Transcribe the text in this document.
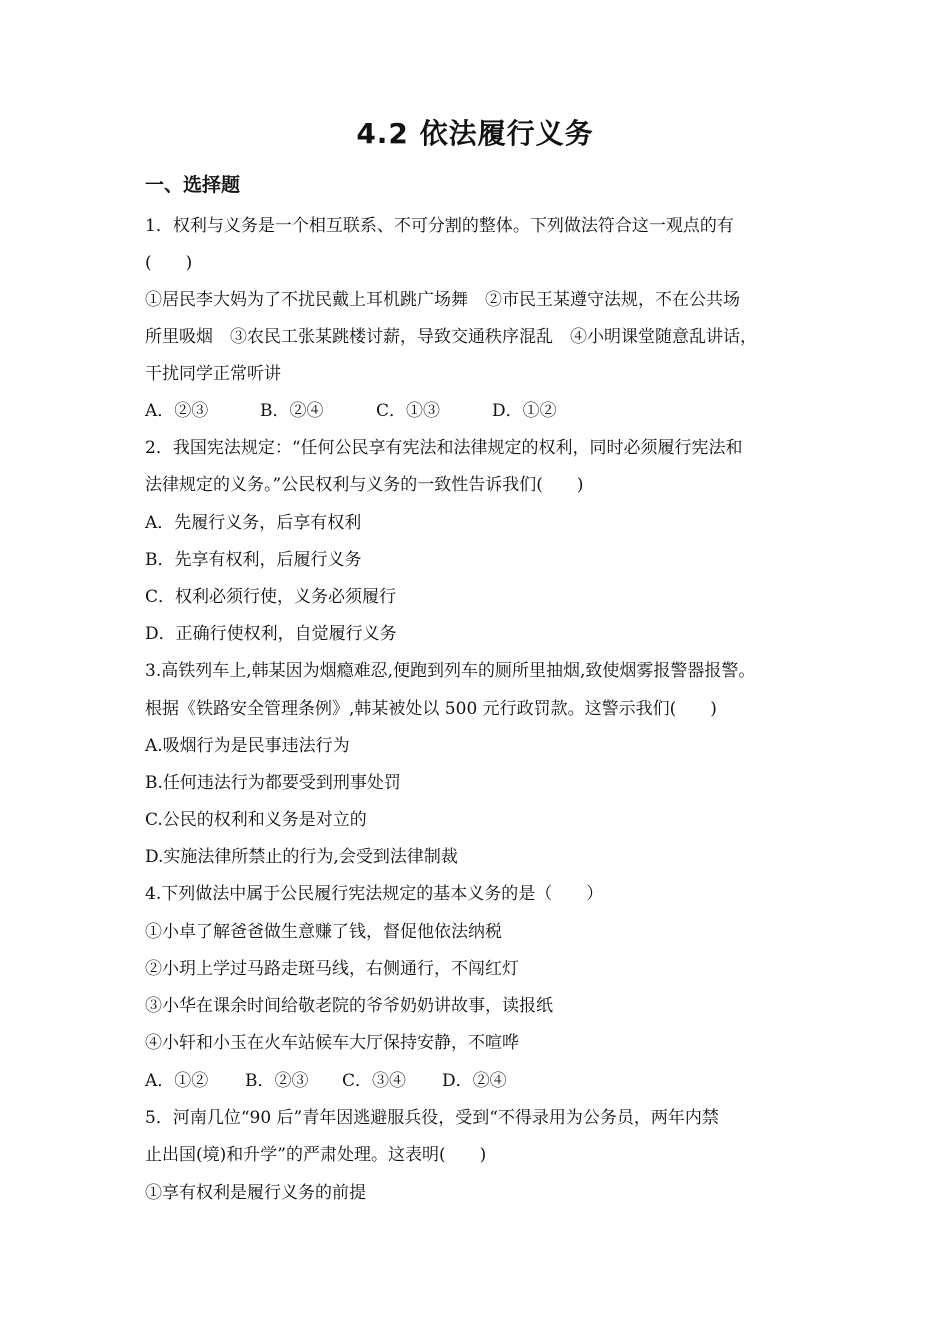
4.2 依法履行义务
一、选择题
1．权利与义务是一个相互联系、不可分割的整体。下列做法符合这一观点的有
(　　)
①居民李大妈为了不扰民戴上耳机跳广场舞　②市民王某遵守法规，不在公共场
所里吸烟　③农民工张某跳楼讨薪，导致交通秩序混乱　④小明课堂随意乱讲话，
干扰同学正常听讲
A．②③	B．②④	C．①③	D．①②
2．我国宪法规定：“任何公民享有宪法和法律规定的权利，同时必须履行宪法和
法律规定的义务。”公民权利与义务的一致性告诉我们(　　)
A．先履行义务，后享有权利
B．先享有权利，后履行义务
C．权利必须行使，义务必须履行
D．正确行使权利，自觉履行义务
3.高铁列车上,韩某因为烟瘾难忍,便跑到列车的厕所里抽烟,致使烟雾报警器报警。
根据《铁路安全管理条例》,韩某被处以 500 元行政罚款。这警示我们(　　)
A.吸烟行为是民事违法行为
B.任何违法行为都要受到刑事处罚
C.公民的权利和义务是对立的
D.实施法律所禁止的行为,会受到法律制裁
4.下列做法中属于公民履行宪法规定的基本义务的是（　　）
①小卓了解爸爸做生意赚了钱，督促他依法纳税
②小玥上学过马路走斑马线，右侧通行，不闯红灯
③小华在课余时间给敬老院的爷爷奶奶讲故事，读报纸
④小轩和小玉在火车站候车大厅保持安静，不喧哗
A．①② B．②③ C．③④ D．②④
5．河南几位“90 后”青年因逃避服兵役，受到“不得录用为公务员，两年内禁
止出国(境)和升学”的严肃处理。这表明(　　)
①享有权利是履行义务的前提
